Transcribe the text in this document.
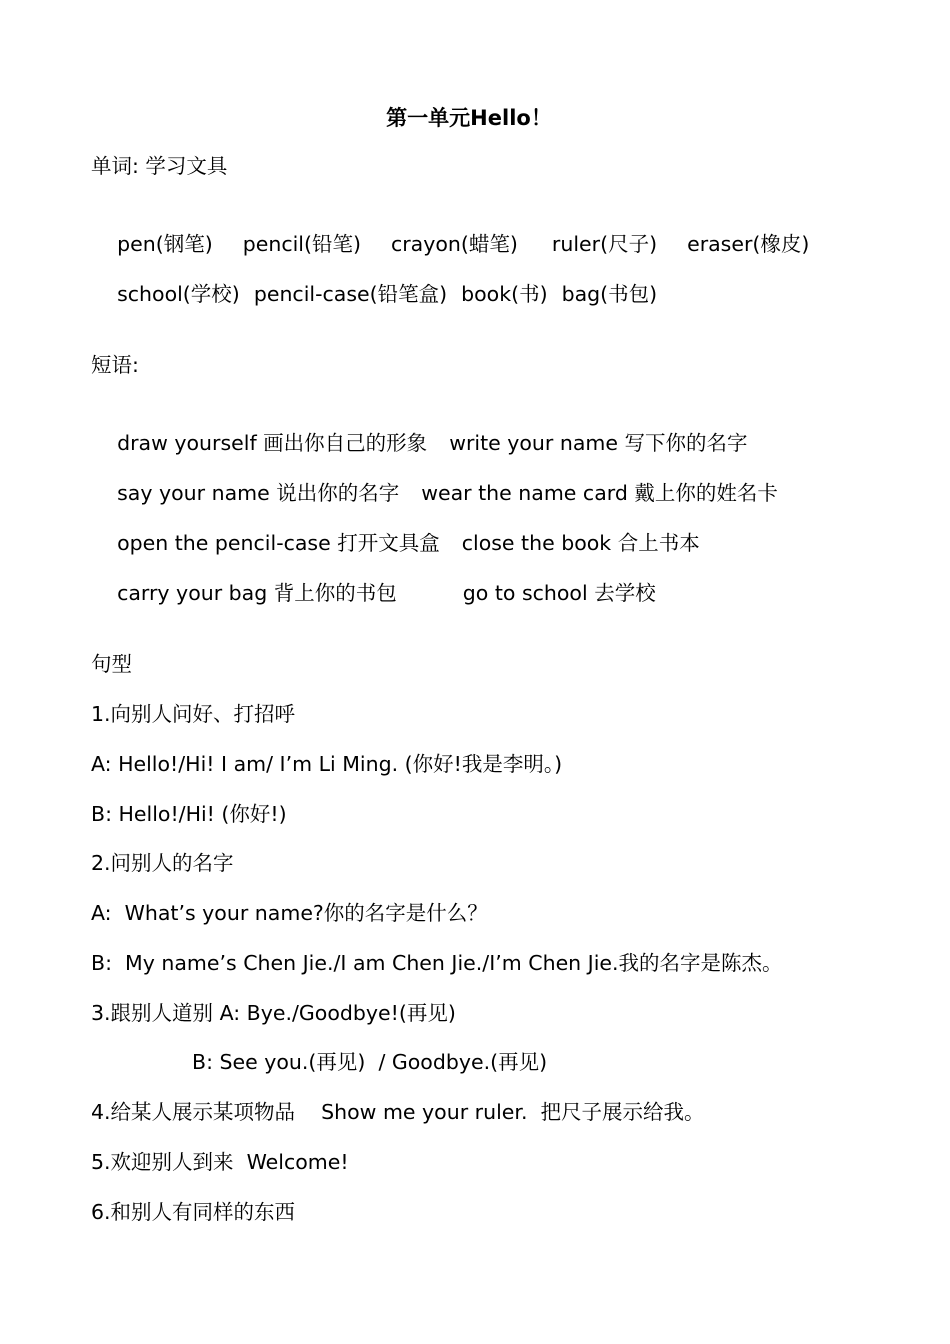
第一单元Hello！
单词: 学习文具

pen(钢笔) pencil(铅笔) crayon(蜡笔) ruler(尺子) eraser(橡皮)

school(学校) pencil-case(铅笔盒) book(书) bag(书包)

短语:

draw yourself 画出你自己的形象 write your name 写下你的名字

say your name 说出你的名字 wear the name card 戴上你的姓名卡

open the pencil-case 打开文具盒 close the book 合上书本

carry your bag 背上你的书包	go to school 去学校

句型
1.向别人问好、打招呼
A: Hello!/Hi! I am/ I’m Li Ming. (你好!我是李明。)
B: Hello!/Hi! (你好!)
2.问别人的名字
A:  What’s your name?你的名字是什么？
B:  My name’s Chen Jie./I am Chen Jie./I’m Chen Jie.我的名字是陈杰。
3.跟别人道别 A: Bye./Goodbye!(再见)
B: See you.(再见)  / Goodbye.(再见)
4.给某人展示某项物品    Show me your ruler.  把尺子展示给我。
5.欢迎别人到来  Welcome!
6.和别人有同样的东西
